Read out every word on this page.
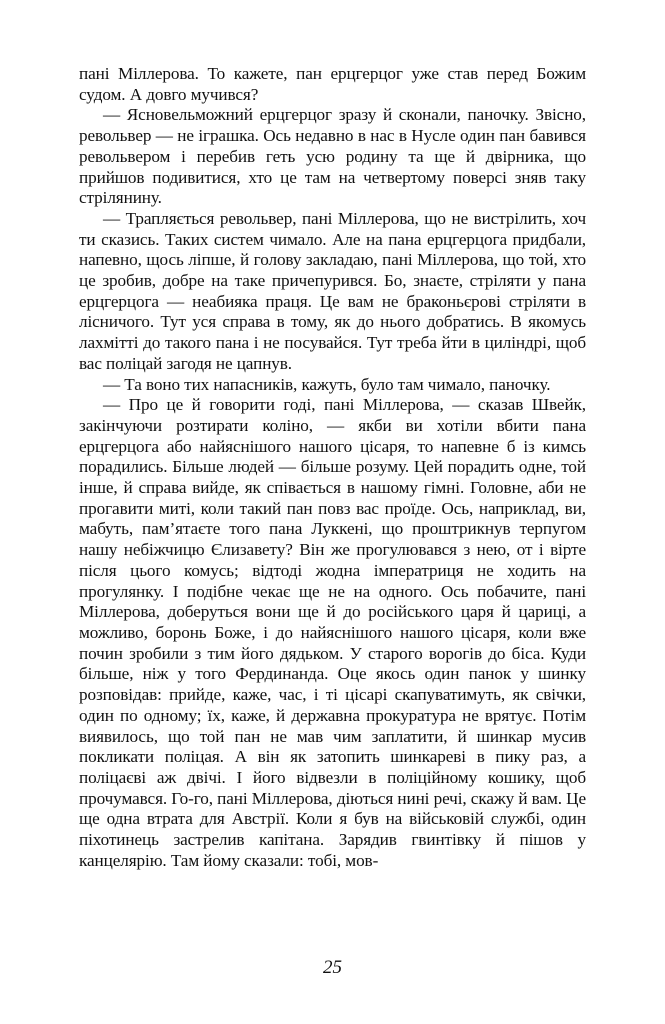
пані Міллерова. То кажете, пан ерцгерцог уже став перед Божим судом. А довго мучився?

— Ясновельможний ерцгерцог зразу й сконали, паночку. Звісно, револьвер — не іграшка. Ось недавно в нас в Нусле один пан бавився револьвером і перебив геть усю родину та ще й двірника, що прийшов подивитися, хто це там на четвертому поверсі зняв таку стрілянину.

— Трапляється револьвер, пані Міллерова, що не вистрілить, хоч ти сказись. Таких систем чимало. Але на пана ерцгерцога придбали, напевно, щось ліпше, й голову закладаю, пані Міллерова, що той, хто це зробив, добре на таке причепурився. Бо, знаєте, стріляти у пана ерцгерцога — неабияка праця. Це вам не браконьєрові стріляти в лісничого. Тут уся справа в тому, як до нього добратись. В якомусь лахмітті до такого пана і не посувайся. Тут треба йти в циліндрі, щоб вас поліцай загодя не цапнув.

— Та воно тих напасників, кажуть, було там чимало, паночку.

— Про це й говорити годі, пані Міллерова, — сказав Швейк, закінчуючи розтирати коліно, — якби ви хотіли вбити пана ерцгерцога або найяснішого нашого цісаря, то напевне б із кимсь порадились. Більше людей — більше розуму. Цей порадить одне, той інше, й справа вийде, як співається в нашому гімні. Головне, аби не прогавити миті, коли такий пан повз вас проїде. Ось, наприклад, ви, мабуть, пам’ятаєте того пана Луккені, що проштрикнув терпугом нашу небіжчицю Єлизавету? Він же прогулювався з нею, от і вірте після цього комусь; відтоді жодна імператриця не ходить на прогулянку. І подібне чекає ще не на одного. Ось побачите, пані Міллерова, доберуться вони ще й до російського царя й цариці, а можливо, боронь Боже, і до найяснішого нашого цісаря, коли вже почин зробили з тим його дядьком. У старого ворогів до біса. Куди більше, ніж у того Фердинанда. Оце якось один панок у шинку розповідав: прийде, каже, час, і ті цісарі скапуватимуть, як свічки, один по одному; їх, каже, й державна прокуратура не врятує. Потім виявилось, що той пан не мав чим заплатити, й шинкар мусив покликати поліцая. А він як затопить шинкареві в пику раз, а поліцаєві аж двічі. І його відвезли в поліційному кошику, щоб прочумався. Го-го, пані Міллерова, діються нині речі, скажу й вам. Це ще одна втрата для Австрії. Коли я був на військовій службі, один піхотинець застрелив капітана. Зарядив гвинтівку й пішов у канцелярію. Там йому сказали: тобі, мов-

25
